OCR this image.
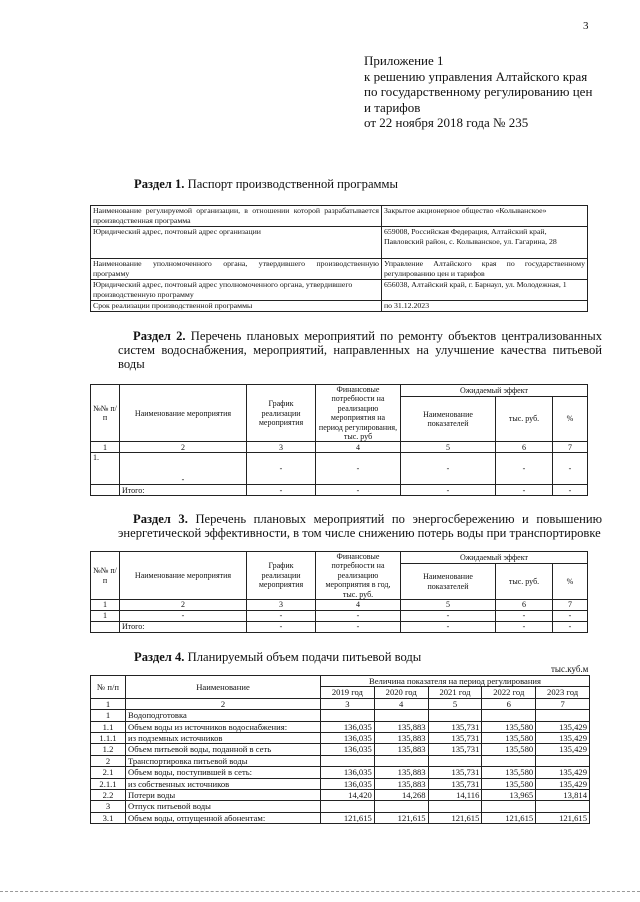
3
Приложение 1
к решению управления Алтайского края
по государственному регулированию цен
и тарифов
от 22 ноября 2018 года № 235
Раздел 1. Паспорт производственной программы
Наименование регулируемой организации, в отношении которой разрабатывается производственная программа	Закрытое акционерное общество «Колыванское»
Юридический адрес, почтовый адрес организации	659008, Российская Федерация, Алтайский край, Павловский район, с. Колыванское, ул. Гагарина, 28
Наименование уполномоченного органа, утвердившего производственную программу	Управление Алтайского края по государственному регулированию цен и тарифов
Юридический адрес, почтовый адрес уполномоченного органа, утвердившего производственную программу	656038, Алтайский край, г. Барнаул, ул. Молодежная, 1
Срок реализации производственной программы	по 31.12.2023
Раздел 2. Перечень плановых мероприятий по ремонту объектов централизованных систем водоснабжения, мероприятий, направленных на улучшение качества питьевой воды
№№ п/п	Наименование мероприятия	График реализации мероприятия	Финансовые потребности на реализацию мероприятия на период регулирования, тыс. руб	Ожидаемый эффект		
				Наименование показателей	тыс. руб.	%
1	2	3	4	5	6	7
1.	-	-	-	-	-	-
	Итого:	-	-	-	-	-
Раздел 3. Перечень плановых мероприятий по энергосбережению и повышению энергетической эффективности, в том числе снижению потерь воды при транспортировке
№№ п/п	Наименование мероприятия	График реализации мероприятия	Финансовые потребности на реализацию мероприятия в год, тыс. руб.	Ожидаемый эффект		
				Наименование показателей	тыс. руб.	%
1	2	3	4	5	6	7
1	-	-	-	-	-	-
	Итого:	-	-	-	-	-
Раздел 4. Планируемый объем подачи питьевой воды
тыс.куб.м
№ п/п	Наименование	Величина показателя на период регулирования				
		2019 год	2020 год	2021 год	2022 год	2023 год
1	2	3	4	5	6	7
1	Водоподготовка					
1.1	Объем воды из источников водоснабжения:	136,035	135,883	135,731	135,580	135,429
1.1.1	из подземных источников	136,035	135,883	135,731	135,580	135,429
1.2	Объем питьевой воды, поданной в сеть	136,035	135,883	135,731	135,580	135,429
2	Транспортировка питьевой воды					
2.1	Объем воды, поступившей в сеть:	136,035	135,883	135,731	135,580	135,429
2.1.1	из собственных источников	136,035	135,883	135,731	135,580	135,429
2.2	Потери воды	14,420	14,268	14,116	13,965	13,814
3	Отпуск питьевой воды					
3.1	Объем воды, отпущенной абонентам:	121,615	121,615	121,615	121,615	121,615
